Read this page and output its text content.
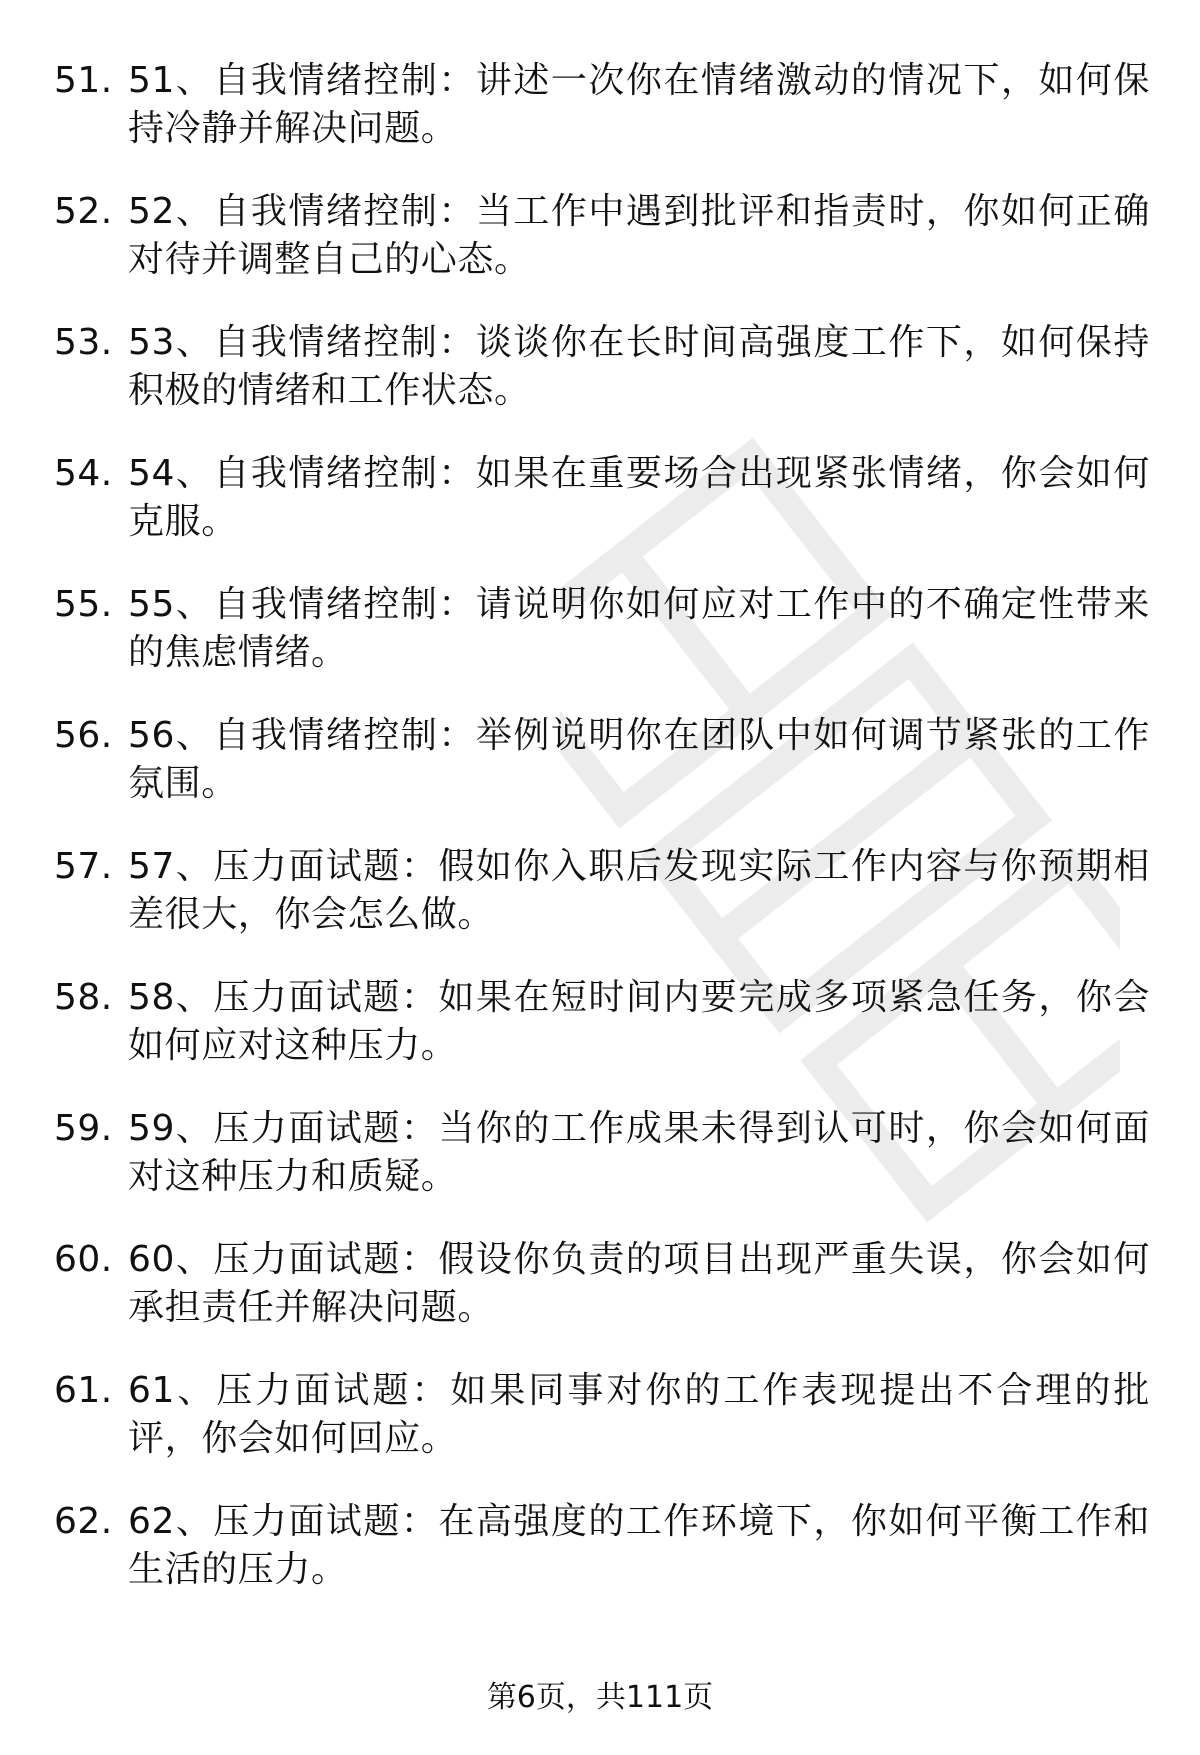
51. 51、自我情绪控制：讲述一次你在情绪激动的情况下，如何保持冷静并解决问题。
52. 52、自我情绪控制：当工作中遇到批评和指责时，你如何正确对待并调整自己的心态。
53. 53、自我情绪控制：谈谈你在长时间高强度工作下，如何保持积极的情绪和工作状态。
54. 54、自我情绪控制：如果在重要场合出现紧张情绪，你会如何克服。
55. 55、自我情绪控制：请说明你如何应对工作中的不确定性带来的焦虑情绪。
56. 56、自我情绪控制：举例说明你在团队中如何调节紧张的工作氛围。
57. 57、压力面试题：假如你入职后发现实际工作内容与你预期相差很大，你会怎么做。
58. 58、压力面试题：如果在短时间内要完成多项紧急任务，你会如何应对这种压力。
59. 59、压力面试题：当你的工作成果未得到认可时，你会如何面对这种压力和质疑。
60. 60、压力面试题：假设你负责的项目出现严重失误，你会如何承担责任并解决问题。
61. 61、压力面试题：如果同事对你的工作表现提出不合理的批评，你会如何回应。
62. 62、压力面试题：在高强度的工作环境下，你如何平衡工作和生活的压力。
第6页，共111页
